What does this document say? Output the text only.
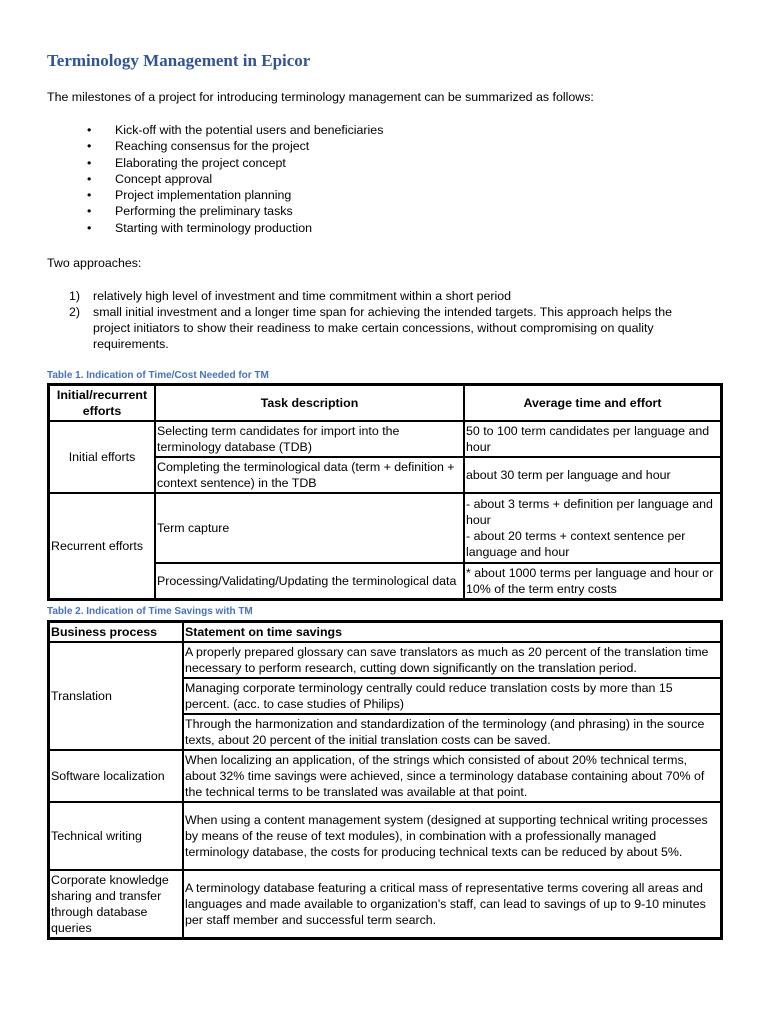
Terminology Management in Epicor

The milestones of a project for introducing terminology management can be summarized as follows:

• Kick-off with the potential users and beneficiaries
• Reaching consensus for the project
• Elaborating the project concept
• Concept approval
• Project implementation planning
• Performing the preliminary tasks
• Starting with terminology production

Two approaches:

1) relatively high level of investment and time commitment within a short period
2) small initial investment and a longer time span for achieving the intended targets. This approach helps the project initiators to show their readiness to make certain concessions, without compromising on quality requirements.

Table 1. Indication of Time/Cost Needed for TM

Initial/recurrent efforts	Task description	Average time and effort
Initial efforts	Selecting term candidates for import into the terminology database (TDB)	50 to 100 term candidates per language and hour
	Completing the terminological data (term + definition + context sentence) in the TDB	about 30 term per language and hour
Recurrent efforts	Term capture	- about 3 terms + definition per language and hour
- about 20 terms + context sentence per language and hour

	Processing/Validating/Updating the terminological data	* about 1000 terms per language and hour or 10% of the term entry costs

Table 2. Indication of Time Savings with TM

Business process	Statement on time savings
Translation	A properly prepared glossary can save translators as much as 20 percent of the translation time necessary to perform research, cutting down significantly on the translation period.
	Managing corporate terminology centrally could reduce translation costs by more than 15 percent. (acc. to case studies of Philips)
	Through the harmonization and standardization of the terminology (and phrasing) in the source texts, about 20 percent of the initial translation costs can be saved.
Software localization	When localizing an application, of the strings which consisted of about 20% technical terms, about 32% time savings were achieved, since a terminology database containing about 70% of the technical terms to be translated was available at that point.
Technical writing	When using a content management system (designed at supporting technical writing processes by means of the reuse of text modules), in combination with a professionally managed terminology database, the costs for producing technical texts can be reduced by about 5%.
Corporate knowledge sharing and transfer through database queries	A terminology database featuring a critical mass of representative terms covering all areas and languages and made available to organization's staff, can lead to savings of up to 9-10 minutes per staff member and successful term search.
